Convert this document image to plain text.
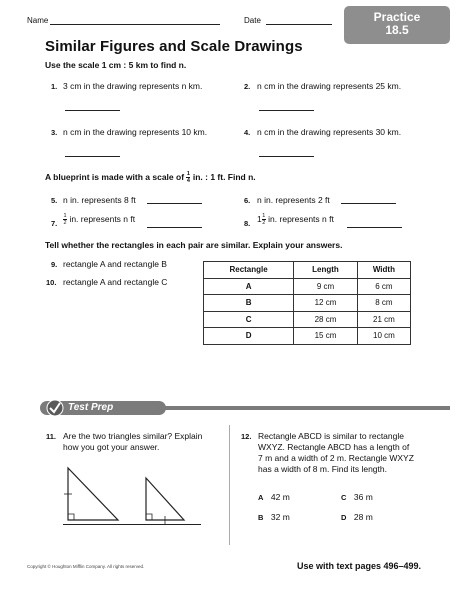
Name	Date	Practice
18.5
Similar Figures and Scale Drawings
Use the scale 1 cm : 5 km to find n.
1. 3 cm in the drawing represents n km.	2. n cm in the drawing represents 25 km.
3. n cm in the drawing represents 10 km.	4. n cm in the drawing represents 30 km.
A blueprint is made with a scale of $\frac{1}{4}$ in. : 1 ft. Find n.
5. n in. represents 8 ft	6. n in. represents 2 ft
7. $\frac{1}{2}$ in. represents n ft	8. $1 \frac{1}{2}$ in. represents n ft
Tell whether the rectangles in each pair are similar. Explain your answers.
9. rectangle A and rectangle B
10. rectangle A and rectangle C
Rectangle	Length	Width
A	9 cm	6 cm
B	12 cm	8 cm
C	28 cm	21 cm
D	15 cm	10 cm
Test Prep
11. Are the two triangles similar? Explain
how you got your answer.
12. Rectangle ABCD is similar to rectangle
WXYZ. Rectangle ABCD has a length of
7 m and a width of 2 m. Rectangle WXYZ
has a width of 8 m. Find its length.
A 42 m	C 36 m
B 32 m	D 28 m
Copyright © Houghton Mifflin Company. All rights reserved.	Use with text pages 496–499.
